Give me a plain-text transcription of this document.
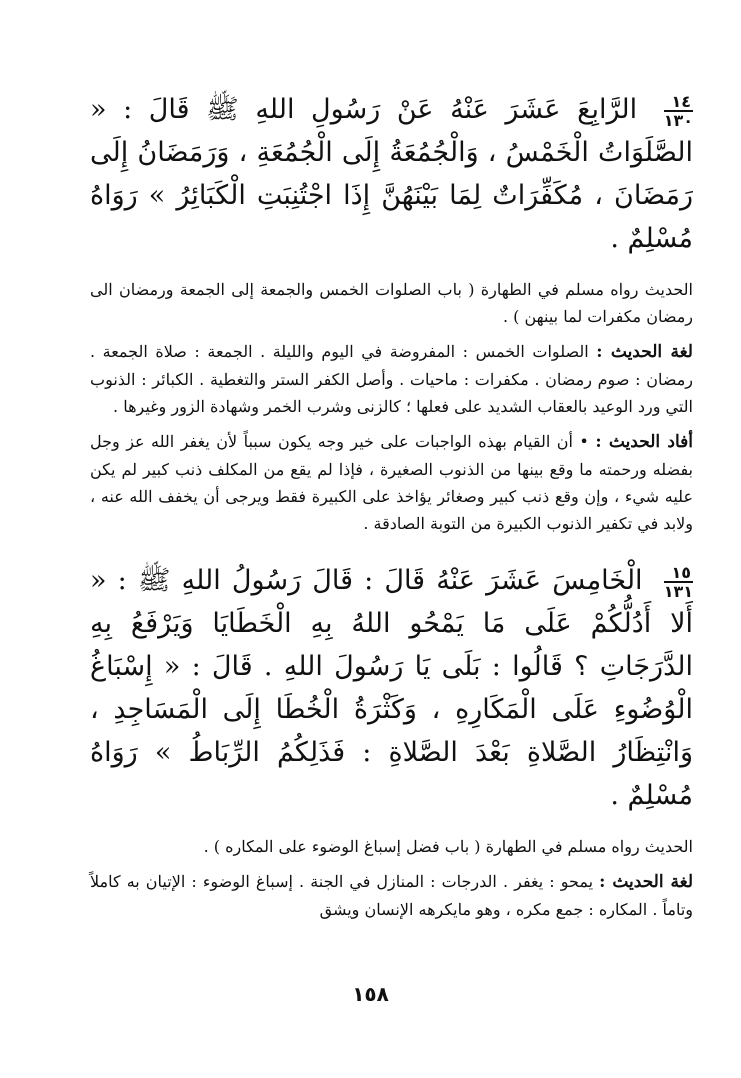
١٤
١٣٠
الرَّابِعَ عَشَرَ عَنْهُ عَنْ رَسُولِ اللهِ ﷺ قَالَ : « الصَّلَوَاتُ الْخَمْسُ ، وَالْجُمُعَةُ إِلَى الْجُمُعَةِ ، وَرَمَضَانُ إِلَى رَمَضَانَ ، مُكَفِّرَاتٌ لِمَا بَيْنَهُنَّ إِذَا اجْتُنِبَتِ الْكَبَائِرُ » رَوَاهُ مُسْلِمٌ .

الحديث رواه مسلم في الطهارة ( باب الصلوات الخمس والجمعة إلى الجمعة ورمضان الى رمضان مكفرات لما بينهن ) .

لغة الحديث : الصلوات الخمس : المفروضة في اليوم والليلة . الجمعة : صلاة الجمعة . رمضان : صوم رمضان . مكفرات : ماحيات . وأصل الكفر الستر والتغطية . الكبائر : الذنوب التي ورد الوعيد بالعقاب الشديد على فعلها ؛ كالزنى وشرب الخمر وشهادة الزور وغيرها .

أفاد الحديث : • أن القيام بهذه الواجبات على خير وجه يكون سبباً لأن يغفر الله عز وجل بفضله ورحمته ما وقع بينها من الذنوب الصغيرة ، فإذا لم يقع من المكلف ذنب كبير لم يكن عليه شيء ، وإن وقع ذنب كبير وصغائر يؤاخذ على الكبيرة فقط ويرجى أن يخفف الله عنه ، ولابد في تكفير الذنوب الكبيرة من التوبة الصادقة .

١٥
١٣١
الْخَامِسَ عَشَرَ عَنْهُ قَالَ : قَالَ رَسُولُ اللهِ ﷺ : « أَلا أَدُلُّكُمْ عَلَى مَا يَمْحُو اللهُ بِهِ الْخَطَايَا وَيَرْفَعُ بِهِ الدَّرَجَاتِ ؟ قَالُوا : بَلَى يَا رَسُولَ اللهِ . قَالَ : « إِسْبَاغُ الْوُضُوءِ عَلَى الْمَكَارِهِ ، وَكَثْرَةُ الْخُطَا إِلَى الْمَسَاجِدِ ، وَانْتِظَارُ الصَّلاةِ بَعْدَ الصَّلاةِ : فَذَلِكُمُ الرِّبَاطُ » رَوَاهُ مُسْلِمٌ .

الحديث رواه مسلم في الطهارة ( باب فضل إسباغ الوضوء على المكاره ) .

لغة الحديث : يمحو : يغفر . الدرجات : المنازل في الجنة . إسباغ الوضوء : الإتيان به كاملاً وتاماً . المكاره : جمع مكره ، وهو مايكرهه الإنسان ويشق

١٥٨
